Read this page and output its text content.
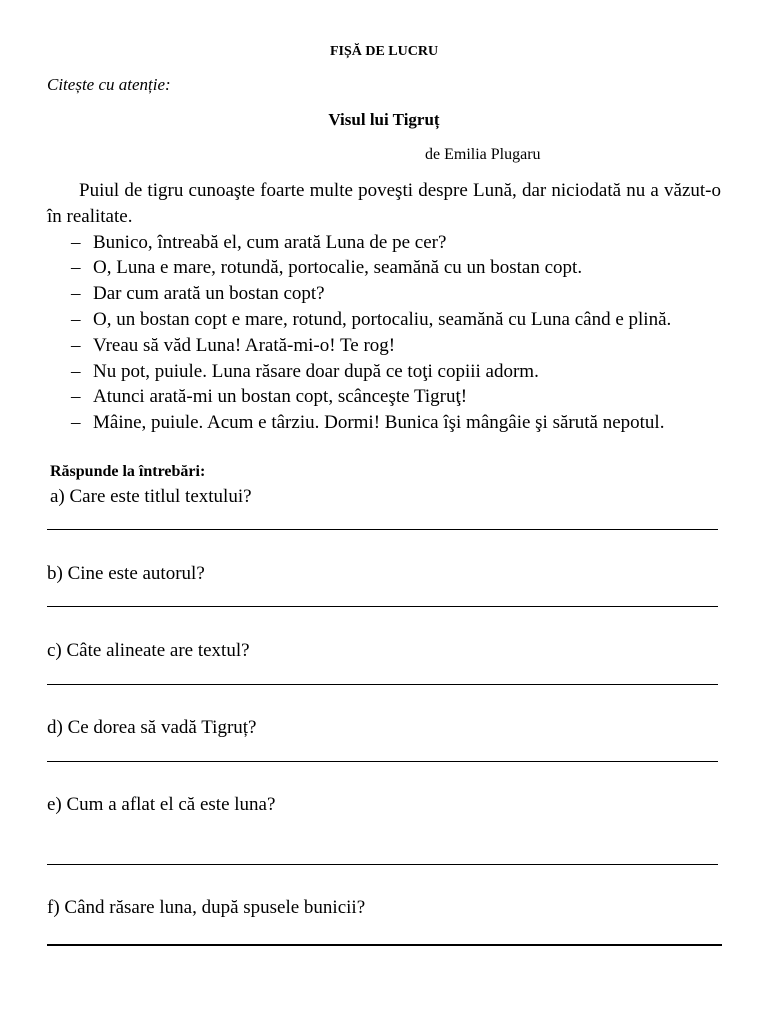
FIȘĂ DE LUCRU
Citește cu atenție:
Visul lui Tigruț
de Emilia Plugaru

Puiul de tigru cunoaşte foarte multe poveşti despre Lună, dar niciodată nu a văzut-o în realitate.

– Bunico, întreabă el, cum arată Luna de pe cer?
– O, Luna e mare, rotundă, portocalie, seamănă cu un bostan copt.
– Dar cum arată un bostan copt?
– O, un bostan copt e mare, rotund, portocaliu, seamănă cu Luna când e plină.
– Vreau să văd Luna! Arată-mi-o! Te rog!
– Nu pot, puiule. Luna răsare doar după ce toţi copiii adorm.
– Atunci arată-mi un bostan copt, scânceşte Tigruţ!
– Mâine, puiule. Acum e târziu. Dormi! Bunica îşi mângâie şi sărută nepotul.
Răspunde la întrebări:
a) Care este titlul textului?
b) Cine este autorul?
c) Câte alineate are textul?
d) Ce dorea să vadă Tigruț?
e) Cum a aflat el că este luna?
f) Când răsare luna, după spusele bunicii?
